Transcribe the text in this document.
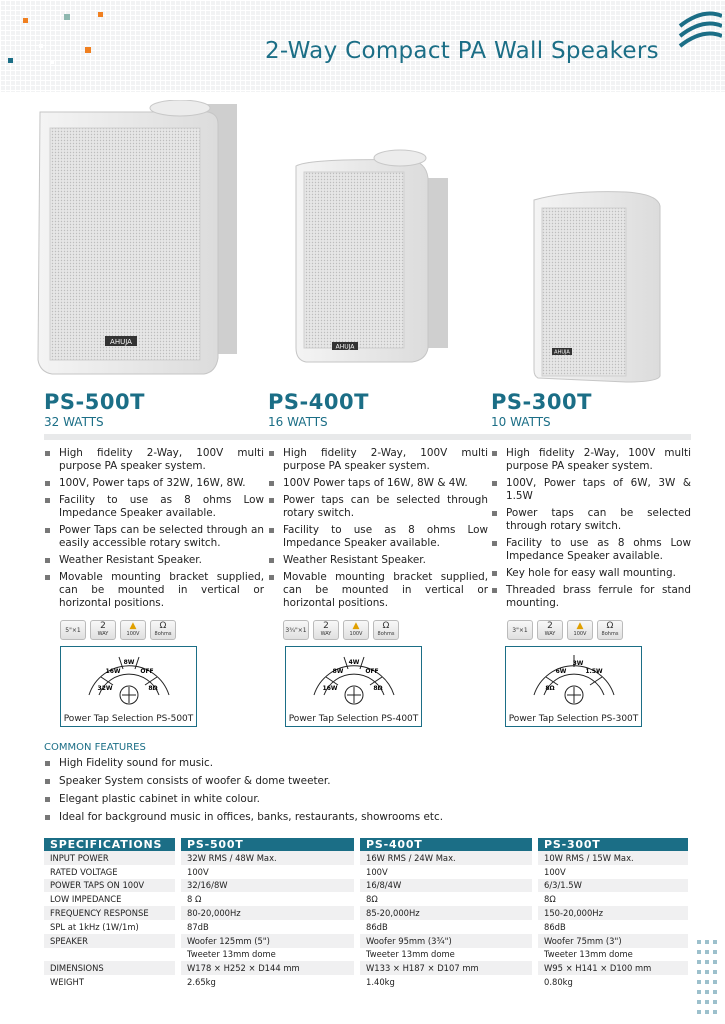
2-Way Compact PA Wall Speakers
AHUJA
AHUJA
AHUJA
PS-500T
32 WATTS
High fidelity 2-Way, 100V multi purpose PA speaker system.
100V, Power taps of 32W, 16W, 8W.
Facility to use as 8 ohms Low Impedance Speaker available.
Power Taps can be selected through an easily accessible rotary switch.
Weather Resistant Speaker.
Movable mounting bracket supplied, can be mounted in vertical or horizontal positions.
PS-400T
16 WATTS
High fidelity 2-Way, 100V multi purpose PA speaker system.
100V Power taps of 16W, 8W & 4W.
Power taps can be selected through rotary switch.
Facility to use as 8 ohms Low Impedance Speaker available.
Weather Resistant Speaker.
Movable mounting bracket supplied, can be mounted in vertical or horizontal positions.
PS-300T
10 WATTS
High fidelity 2-Way, 100V multi purpose PA speaker system.
100V, Power taps of 6W, 3W & 1.5W
Power taps can be selected through rotary switch.
Facility to use as 8 ohms Low Impedance Speaker available.
Key hole for easy wall mounting.
Threaded brass ferrule for stand mounting.
5"×1 2
WAY
▲
100V
Ω
8ohms
3¾"×1 2
WAY
▲
100V
Ω
8ohms
3"×1 2
WAY
▲
100V
Ω
8ohms
8W
16W	OFF
32W	8Ω
Power Tap Selection PS-500T
4W
8W	OFF
16W	8Ω
Power Tap Selection PS-400T
3W
6W	1.5W
8Ω
Power Tap Selection PS-300T
COMMON FEATURES
High Fidelity sound for music.
Speaker System consists of woofer & dome tweeter.
Elegant plastic cabinet in white colour.
Ideal for background music in offices, banks, restaurants, showrooms etc.
SPECIFICATIONS		PS-500T		PS-400T		PS-300T
INPUT POWER		32W RMS / 48W Max.		16W RMS / 24W Max.		10W RMS / 15W Max.
RATED VOLTAGE		100V		100V		100V
POWER TAPS ON 100V		32/16/8W		16/8/4W		6/3/1.5W
LOW IMPEDANCE		8 Ω		8Ω		8Ω
FREQUENCY RESPONSE		80-20,000Hz		85-20,000Hz		150-20,000Hz
SPL at 1kHz (1W/1m)		87dB		86dB		86dB
SPEAKER		Woofer 125mm (5")		Woofer 95mm (3¾")		Woofer 75mm (3")
		Tweeter 13mm dome		Tweeter 13mm dome		Tweeter 13mm dome
DIMENSIONS		W178 × H252 × D144 mm		W133 × H187 × D107 mm		W95 × H141 × D100 mm
WEIGHT		2.65kg		1.40kg		0.80kg
